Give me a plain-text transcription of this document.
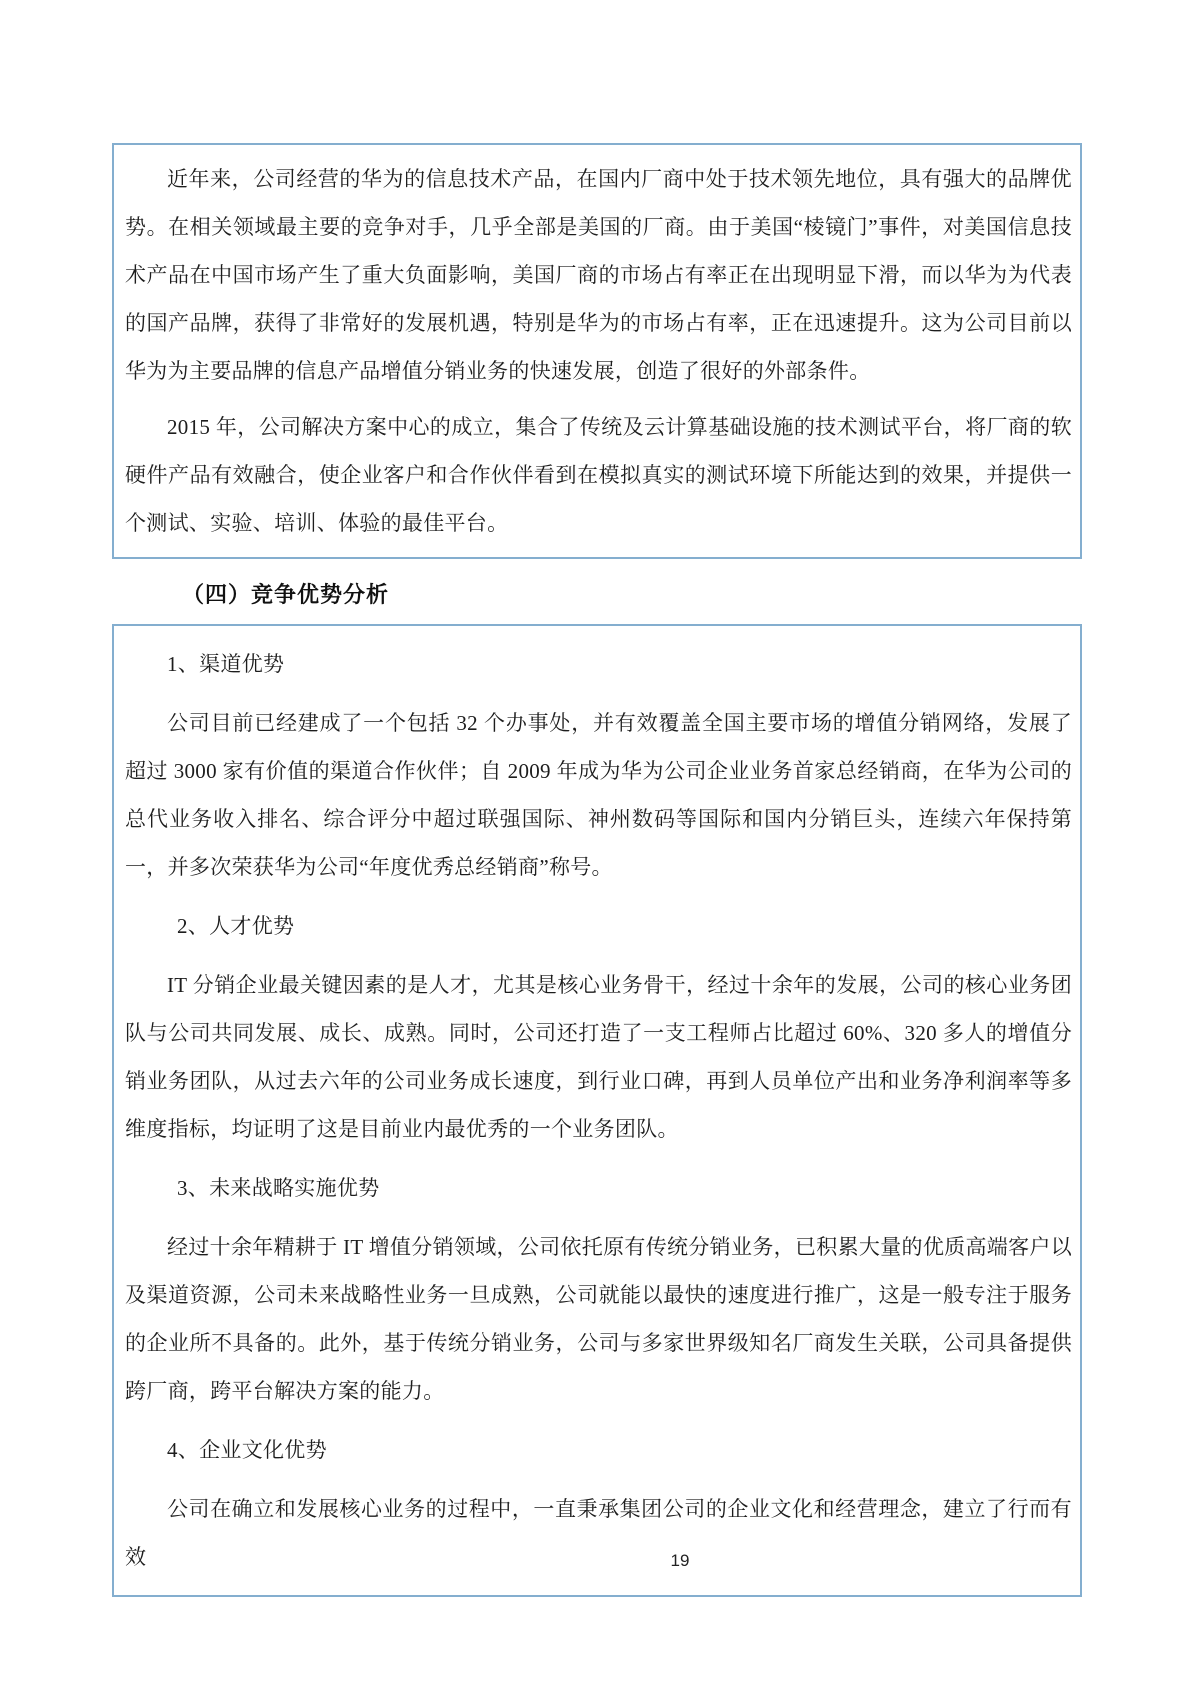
近年来，公司经营的华为的信息技术产品，在国内厂商中处于技术领先地位，具有强大的品牌优势。在相关领域最主要的竞争对手，几乎全部是美国的厂商。由于美国“棱镜门”事件，对美国信息技术产品在中国市场产生了重大负面影响，美国厂商的市场占有率正在出现明显下滑，而以华为为代表的国产品牌，获得了非常好的发展机遇，特别是华为的市场占有率，正在迅速提升。这为公司目前以华为为主要品牌的信息产品增值分销业务的快速发展，创造了很好的外部条件。

2015 年，公司解决方案中心的成立，集合了传统及云计算基础设施的技术测试平台，将厂商的软硬件产品有效融合，使企业客户和合作伙伴看到在模拟真实的测试环境下所能达到的效果，并提供一个测试、实验、培训、体验的最佳平台。

（四）竞争优势分析

1、渠道优势

公司目前已经建成了一个包括 32 个办事处，并有效覆盖全国主要市场的增值分销网络，发展了超过 3000 家有价值的渠道合作伙伴；自 2009 年成为华为公司企业业务首家总经销商，在华为公司的总代业务收入排名、综合评分中超过联强国际、神州数码等国际和国内分销巨头，连续六年保持第一，并多次荣获华为公司“年度优秀总经销商”称号。

2、人才优势

IT 分销企业最关键因素的是人才，尤其是核心业务骨干，经过十余年的发展，公司的核心业务团队与公司共同发展、成长、成熟。同时，公司还打造了一支工程师占比超过 60%、320 多人的增值分销业务团队，从过去六年的公司业务成长速度，到行业口碑，再到人员单位产出和业务净利润率等多维度指标，均证明了这是目前业内最优秀的一个业务团队。

3、未来战略实施优势

经过十余年精耕于 IT 增值分销领域，公司依托原有传统分销业务，已积累大量的优质高端客户以及渠道资源，公司未来战略性业务一旦成熟，公司就能以最快的速度进行推广，这是一般专注于服务的企业所不具备的。此外，基于传统分销业务，公司与多家世界级知名厂商发生关联，公司具备提供跨厂商，跨平台解决方案的能力。

4、企业文化优势

公司在确立和发展核心业务的过程中，一直秉承集团公司的企业文化和经营理念，建立了行而有效	19
